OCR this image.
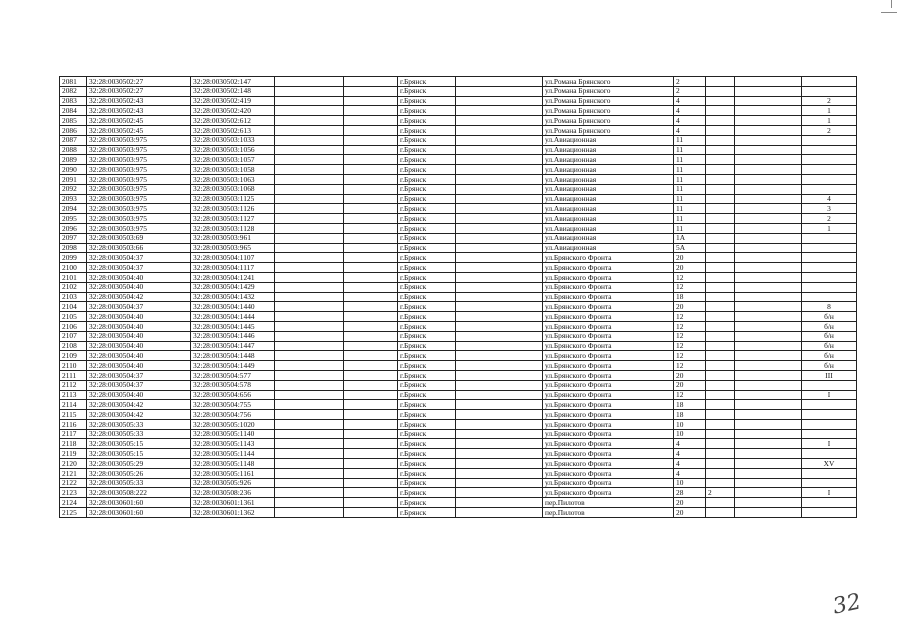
2081	32:28:0030502:27	32:28:0030502:147			г.Брянск		ул.Романа Брянского	2			
2082	32:28:0030502:27	32:28:0030502:148			г.Брянск		ул.Романа Брянского	2			
2083	32:28:0030502:43	32:28:0030502:419			г.Брянск		ул.Романа Брянского	4			2
2084	32:28:0030502:43	32:28:0030502:420			г.Брянск		ул.Романа Брянского	4			1
2085	32:28:0030502:45	32:28:0030502:612			г.Брянск		ул.Романа Брянского	4			1
2086	32:28:0030502:45	32:28:0030502:613			г.Брянск		ул.Романа Брянского	4			2
2087	32:28:0030503:975	32:28:0030503:1033			г.Брянск		ул.Авиационная	11			
2088	32:28:0030503:975	32:28:0030503:1056			г.Брянск		ул.Авиационная	11			
2089	32:28:0030503:975	32:28:0030503:1057			г.Брянск		ул.Авиационная	11			
2090	32:28:0030503:975	32:28:0030503:1058			г.Брянск		ул.Авиационная	11			
2091	32:28:0030503:975	32:28:0030503:1063			г.Брянск		ул.Авиационная	11			
2092	32:28:0030503:975	32:28:0030503:1068			г.Брянск		ул.Авиационная	11			
2093	32:28:0030503:975	32:28:0030503:1125			г.Брянск		ул.Авиационная	11			4
2094	32:28:0030503:975	32:28:0030503:1126			г.Брянск		ул.Авиационная	11			3
2095	32:28:0030503:975	32:28:0030503:1127			г.Брянск		ул.Авиационная	11			2
2096	32:28:0030503:975	32:28:0030503:1128			г.Брянск		ул.Авиационная	11			1
2097	32:28:0030503:69	32:28:0030503:961			г.Брянск		ул.Авиационная	1А			
2098	32:28:0030503:66	32:28:0030503:965			г.Брянск		ул.Авиационная	5А			
2099	32:28:0030504:37	32:28:0030504:1107			г.Брянск		ул.Брянского Фронта	20			
2100	32:28:0030504:37	32:28:0030504:1117			г.Брянск		ул.Брянского Фронта	20			
2101	32:28:0030504:40	32:28:0030504:1241			г.Брянск		ул.Брянского Фронта	12			
2102	32:28:0030504:40	32:28:0030504:1429			г.Брянск		ул.Брянского Фронта	12			
2103	32:28:0030504:42	32:28:0030504:1432			г.Брянск		ул.Брянского Фронта	18			
2104	32:28:0030504:37	32:28:0030504:1440			г.Брянск		ул.Брянского Фронта	20			8
2105	32:28:0030504:40	32:28:0030504:1444			г.Брянск		ул.Брянского Фронта	12			б/н
2106	32:28:0030504:40	32:28:0030504:1445			г.Брянск		ул.Брянского Фронта	12			б/н
2107	32:28:0030504:40	32:28:0030504:1446			г.Брянск		ул.Брянского Фронта	12			б/н
2108	32:28:0030504:40	32:28:0030504:1447			г.Брянск		ул.Брянского Фронта	12			б/н
2109	32:28:0030504:40	32:28:0030504:1448			г.Брянск		ул.Брянского Фронта	12			б/н
2110	32:28:0030504:40	32:28:0030504:1449			г.Брянск		ул.Брянского Фронта	12			б/н
2111	32:28:0030504:37	32:28:0030504:577			г.Брянск		ул.Брянского Фронта	20			III
2112	32:28:0030504:37	32:28:0030504:578			г.Брянск		ул.Брянского Фронта	20			
2113	32:28:0030504:40	32:28:0030504:656			г.Брянск		ул.Брянского Фронта	12			I
2114	32:28:0030504:42	32:28:0030504:755			г.Брянск		ул.Брянского Фронта	18			
2115	32:28:0030504:42	32:28:0030504:756			г.Брянск		ул.Брянского Фронта	18			
2116	32:28:0030505:33	32:28:0030505:1020			г.Брянск		ул.Брянского Фронта	10			
2117	32:28:0030505:33	32:28:0030505:1140			г.Брянск		ул.Брянского Фронта	10			
2118	32:28:0030505:15	32:28:0030505:1143			г.Брянск		ул.Брянского Фронта	4			I
2119	32:28:0030505:15	32:28:0030505:1144			г.Брянск		ул.Брянского Фронта	4			
2120	32:28:0030505:29	32:28:0030505:1148			г.Брянск		ул.Брянского Фронта	4			XV
2121	32:28:0030505:26	32:28:0030505:1161			г.Брянск		ул.Брянского Фронта	4			
2122	32:28:0030505:33	32:28:0030505:926			г.Брянск		ул.Брянского Фронта	10			
2123	32:28:0030508:222	32:28:0030508:236			г.Брянск		ул.Брянского Фронта	28	2		I
2124	32:28:0030601:60	32:28:0030601:1361			г.Брянск		пер.Пилотов	20			
2125	32:28:0030601:60	32:28:0030601:1362			г.Брянск		пер.Пилотов	20			
32
